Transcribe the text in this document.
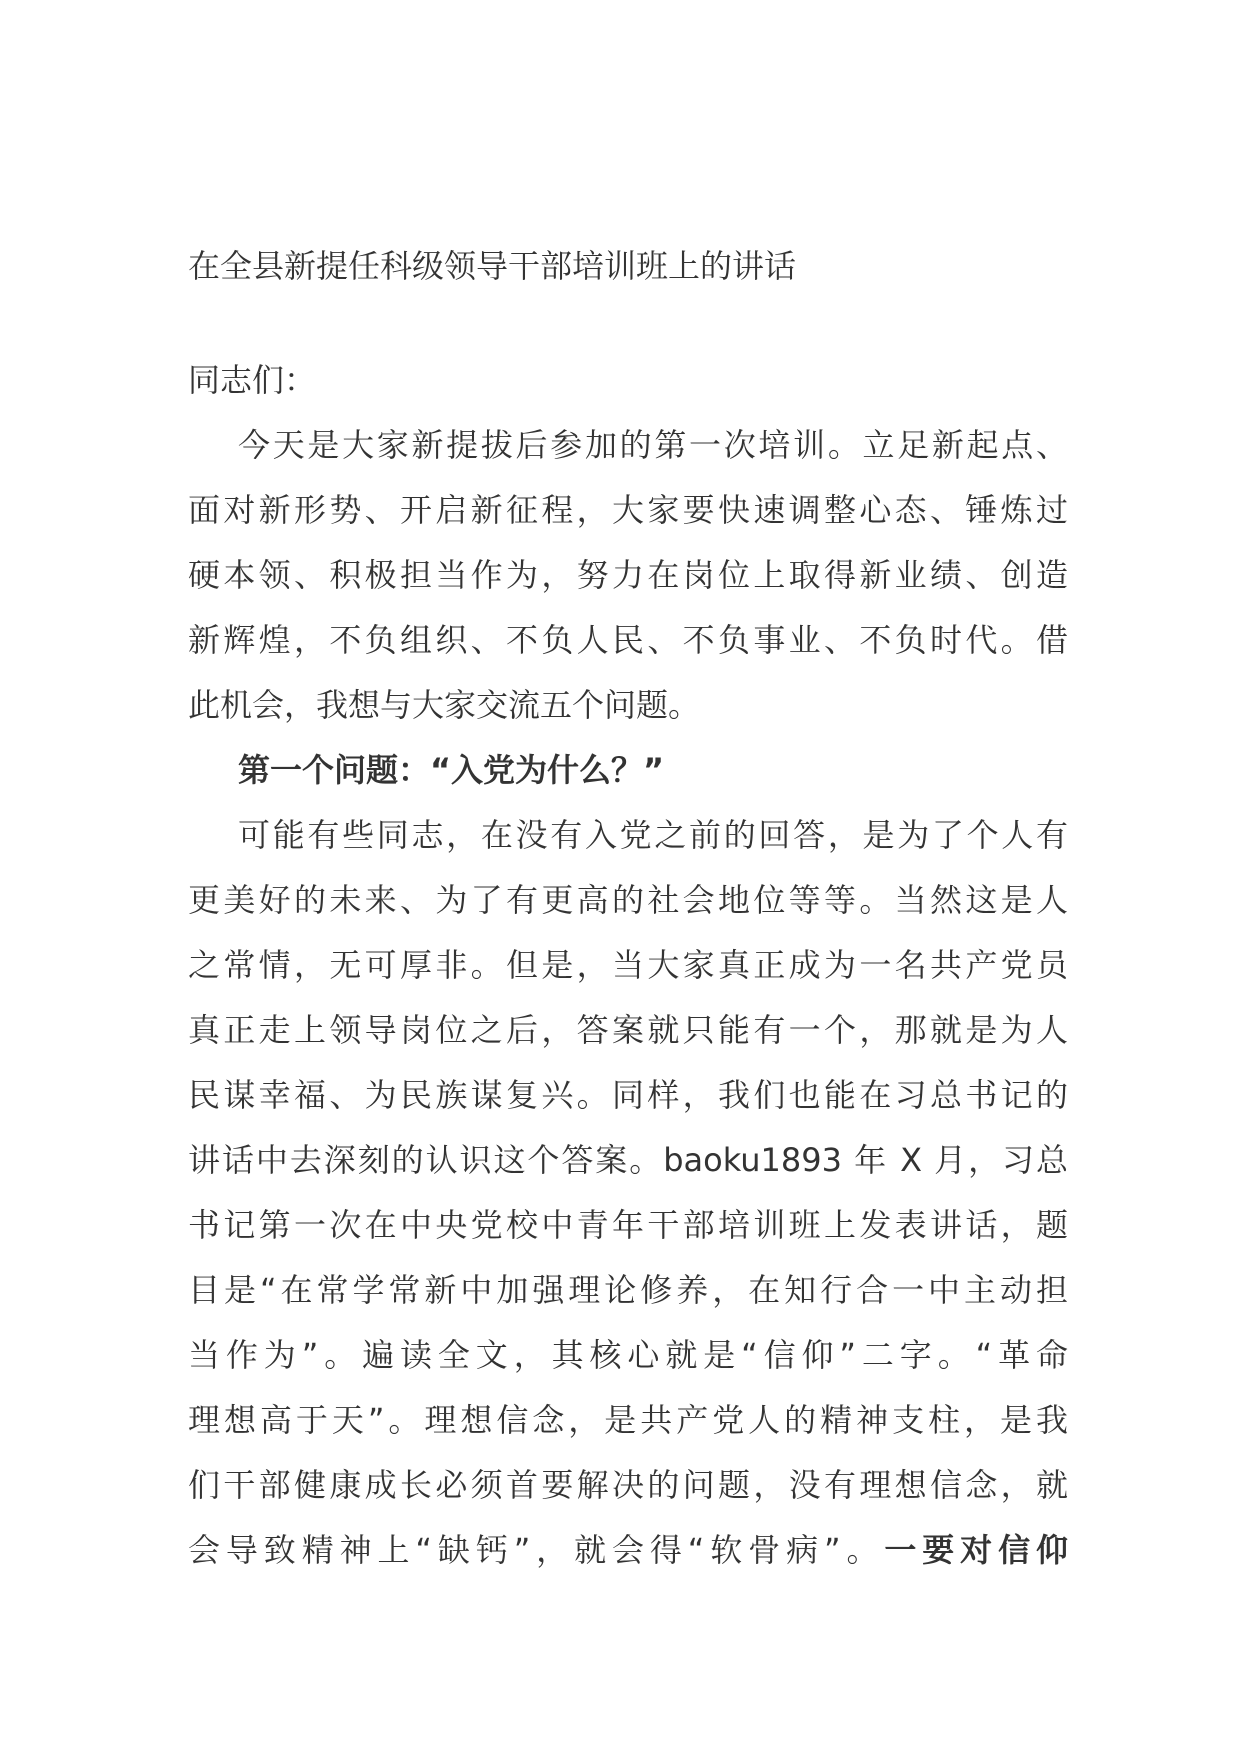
在全县新提任科级领导干部培训班上的讲话
同志们：
今天是大家新提拔后参加的第一次培训。立足新起点、
面对新形势、开启新征程，大家要快速调整心态、锤炼过
硬本领、积极担当作为，努力在岗位上取得新业绩、创造
新辉煌，不负组织、不负人民、不负事业、不负时代。借
此机会，我想与大家交流五个问题。
第一个问题：“入党为什么？”
可能有些同志，在没有入党之前的回答，是为了个人有
更美好的未来、为了有更高的社会地位等等。当然这是人
之常情，无可厚非。但是，当大家真正成为一名共产党员
真正走上领导岗位之后，答案就只能有一个，那就是为人
民谋幸福、为民族谋复兴。同样，我们也能在习总书记的
讲话中去深刻的认识这个答案。baoku1893 年 X 月，习总
书记第一次在中央党校中青年干部培训班上发表讲话，题
目是“在常学常新中加强理论修养，在知行合一中主动担
当作为”。遍读全文，其核心就是“信仰”二字。“革命
理想高于天”。理想信念，是共产党人的精神支柱，是我
们干部健康成长必须首要解决的问题，没有理想信念，就
会导致精神上“缺钙”，就会得“软骨病”。一要对信仰
